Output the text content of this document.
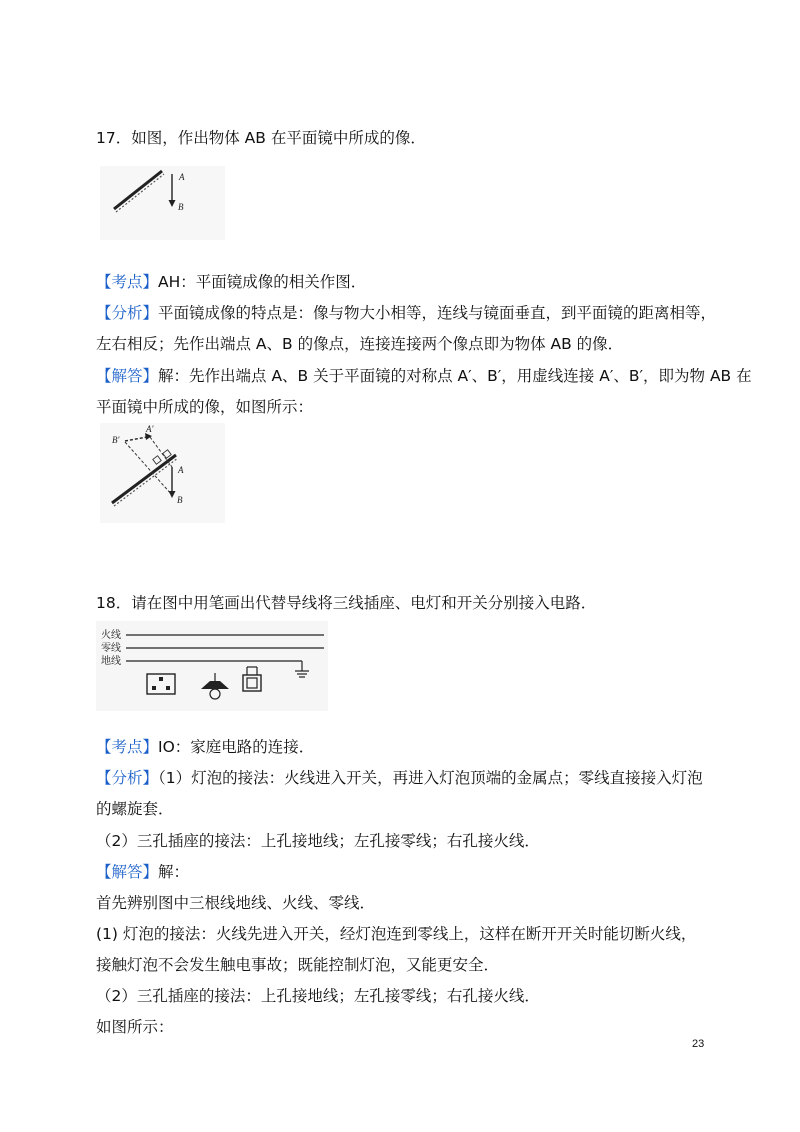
17．如图，作出物体 AB 在平面镜中所成的像．
A
B
【考点】AH：平面镜成像的相关作图．
【分析】平面镜成像的特点是：像与物大小相等，连线与镜面垂直，到平面镜的距离相等，
左右相反；先作出端点 A、B 的像点，连接连接两个像点即为物体 AB 的像．
【解答】解：先作出端点 A、B 关于平面镜的对称点 A′、B′，用虚线连接 A′、B′，即为物 AB 在
平面镜中所成的像，如图所示：
B'
A'
A
B
18．请在图中用笔画出代替导线将三线插座、电灯和开关分别接入电路．
火线
零线
地线
【考点】IO：家庭电路的连接．
【分析】（1）灯泡的接法：火线进入开关，再进入灯泡顶端的金属点；零线直接接入灯泡
的螺旋套．
（2）三孔插座的接法：上孔接地线；左孔接零线；右孔接火线．
【解答】解：
首先辨别图中三根线地线、火线、零线．
(1) 灯泡的接法：火线先进入开关，经灯泡连到零线上，这样在断开开关时能切断火线，
接触灯泡不会发生触电事故；既能控制灯泡，又能更安全．
（2）三孔插座的接法：上孔接地线；左孔接零线；右孔接火线．
如图所示：
23
